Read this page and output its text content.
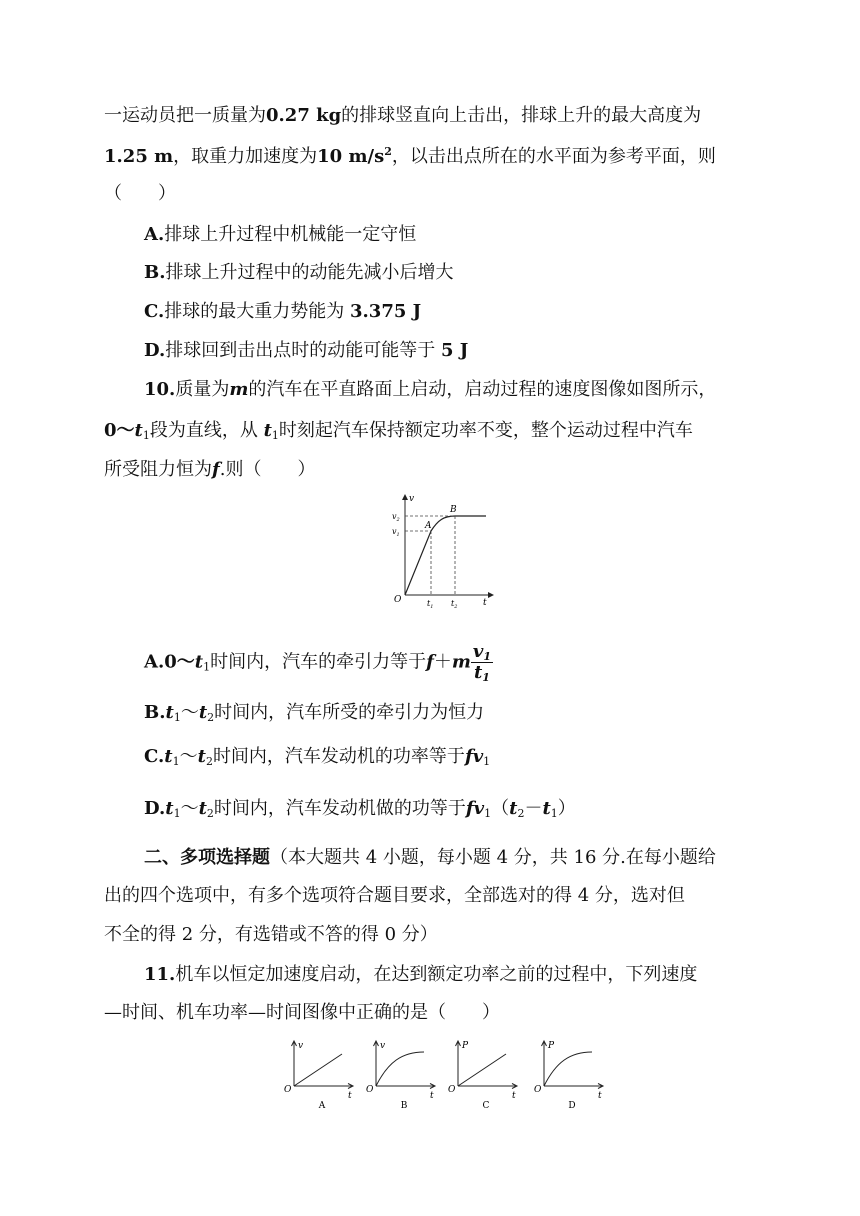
一运动员把一质量为0.27 kg的排球竖直向上击出，排球上升的最大高度为
1.25 m，取重力加速度为10 $m/s^2$，以击出点所在的水平面为参考平面，则
（　　）
A.排球上升过程中机械能一定守恒
B.排球上升过程中的动能先减小后增大
C.排球的最大重力势能为 3.375 J
D.排球回到击出点时的动能可能等于 5 J
10.质量为m的汽车在平直路面上启动，启动过程的速度图像如图所示，
$0\sim t_1$段为直线，从 $t_1$时刻起汽车保持额定功率不变，整个运动过程中汽车
所受阻力恒为f.则（　　）
v
$v_2$
$v_1$
A
B
O	$t_1$ $t_2$	t
$A.0\sim t_1$时间内，汽车的牵引力等于$f+m \frac{v_1}{t_1}$
$B.t_1\sim t_2$时间内，汽车所受的牵引力为恒力
$C.t_1\sim t_2$时间内，汽车发动机的功率等于$fv_1$
$D.t_1\sim t_2$时间内，汽车发动机做的功等于$fv_1(t_2-t_1)$
二、多项选择题（本大题共 4 小题，每小题 4 分，共 16 分.在每小题给
出的四个选项中，有多个选项符合题目要求，全部选对的得 4 分，选对但
不全的得 2 分，有选错或不答的得 0 分）
11.机车以恒定加速度启动，在达到额定功率之前的过程中，下列速度
—时间、机车功率—时间图像中正确的是（　　）
v
O
t
A
v
O
t
B
P
O
t
C
P
O
t
D
